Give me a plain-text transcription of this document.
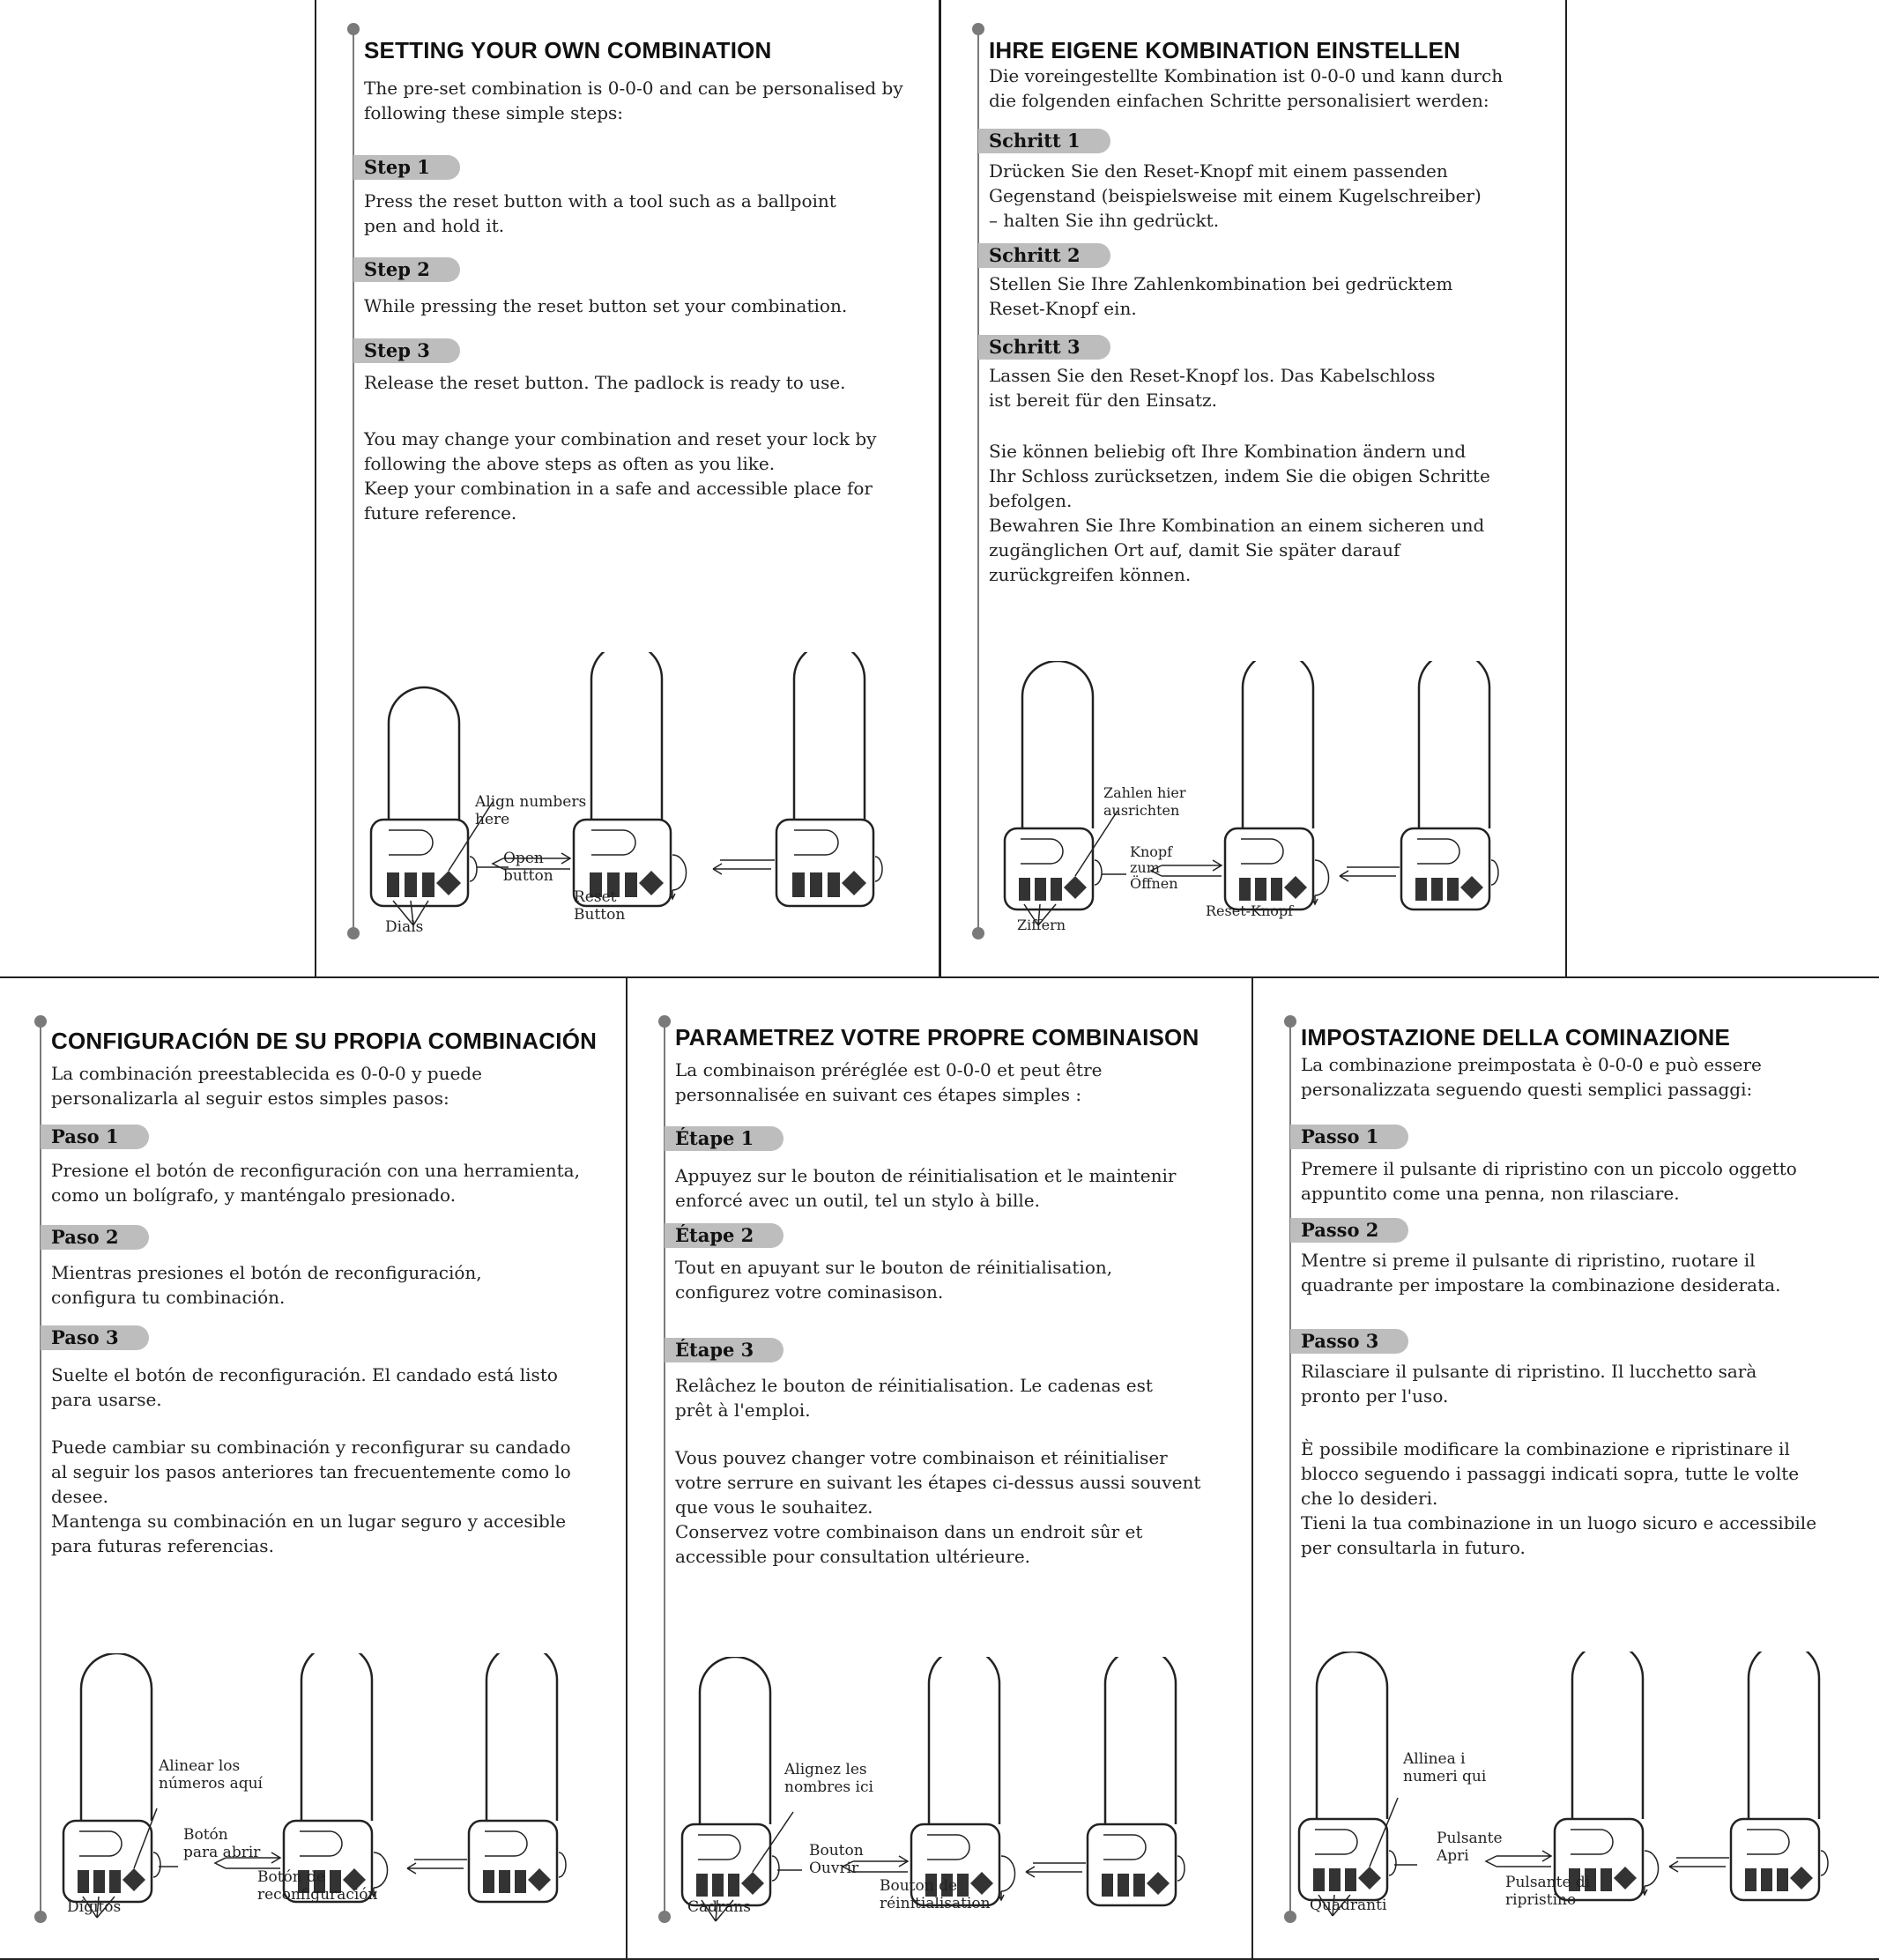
SETTING YOUR OWN COMBINATION

The pre-set combination is 0-0-0 and can be personalised by
following these simple steps:

Step 1

Press the reset button with a tool such as a ballpoint
pen and hold it.

Step 2

While pressing the reset button set your combination.

Step 3

Release the reset button. The padlock is ready to use.

You may change your combination and reset your lock by
following the above steps as often as you like.
Keep your combination in a safe and accessible place for
future reference.

Align numbers
here
Open
button
Reset
Button
Dials
IHRE EIGENE KOMBINATION EINSTELLEN

Die voreingestellte Kombination ist 0-0-0 und kann durch
die folgenden einfachen Schritte personalisiert werden:

Schritt 1

Drücken Sie den Reset-Knopf mit einem passenden
Gegenstand (beispielsweise mit einem Kugelschreiber)
– halten Sie ihn gedrückt.

Schritt 2

Stellen Sie Ihre Zahlenkombination bei gedrücktem
Reset-Knopf ein.

Schritt 3

Lassen Sie den Reset-Knopf los. Das Kabelschloss
ist bereit für den Einsatz.

Sie können beliebig oft Ihre Kombination ändern und
Ihr Schloss zurücksetzen, indem Sie die obigen Schritte
befolgen.
Bewahren Sie Ihre Kombination an einem sicheren und
zugänglichen Ort auf, damit Sie später darauf
zurückgreifen können.

Zahlen hier
ausrichten
Knopf
zum
Öffnen
Reset-Knopf
Ziffern
CONFIGURACIÓN DE SU PROPIA COMBINACIÓN

La combinación preestablecida es 0-0-0 y puede
personalizarla al seguir estos simples pasos:

Paso 1

Presione el botón de reconfiguración con una herramienta,
como un bolígrafo, y manténgalo presionado.

Paso 2

Mientras presiones el botón de reconfiguración,
configura tu combinación.

Paso 3

Suelte el botón de reconfiguración. El candado está listo
para usarse.

Puede cambiar su combinación y reconfigurar su candado
al seguir los pasos anteriores tan frecuentemente como lo
desee.
Mantenga su combinación en un lugar seguro y accesible
para futuras referencias.

Alinear los
números aquí
Botón
para abrir
Botón de
reconfiguración
Dígitos
PARAMETREZ VOTRE PROPRE COMBINAISON

La combinaison préréglée est 0-0-0 et peut être
personnalisée en suivant ces étapes simples :

Étape 1

Appuyez sur le bouton de réinitialisation et le maintenir
enforcé avec un outil, tel un stylo à bille.

Étape 2

Tout en apuyant sur le bouton de réinitialisation,
configurez votre cominasison.

Étape 3

Relâchez le bouton de réinitialisation. Le cadenas est
prêt à l'emploi.

Vous pouvez changer votre combinaison et réinitialiser
votre serrure en suivant les étapes ci-dessus aussi souvent
que vous le souhaitez.
Conservez votre combinaison dans un endroit sûr et
accessible pour consultation ultérieure.

Alignez les
nombres ici
Bouton
Ouvrir
Bouton de
réinitialisation
Cadrans
IMPOSTAZIONE DELLA COMINAZIONE

La combinazione preimpostata è 0-0-0 e può essere
personalizzata seguendo questi semplici passaggi:

Passo 1

Premere il pulsante di ripristino con un piccolo oggetto
appuntito come una penna, non rilasciare.

Passo 2

Mentre si preme il pulsante di ripristino, ruotare il
quadrante per impostare la combinazione desiderata.

Passo 3

Rilasciare il pulsante di ripristino. Il lucchetto sarà
pronto per l'uso.

È possibile modificare la combinazione e ripristinare il
blocco seguendo i passaggi indicati sopra, tutte le volte
che lo desideri.
Tieni la tua combinazione in un luogo sicuro e accessibile
per consultarla in futuro.

Allinea i
numeri qui
Pulsante
Apri
Pulsante di
ripristino
Quadranti
